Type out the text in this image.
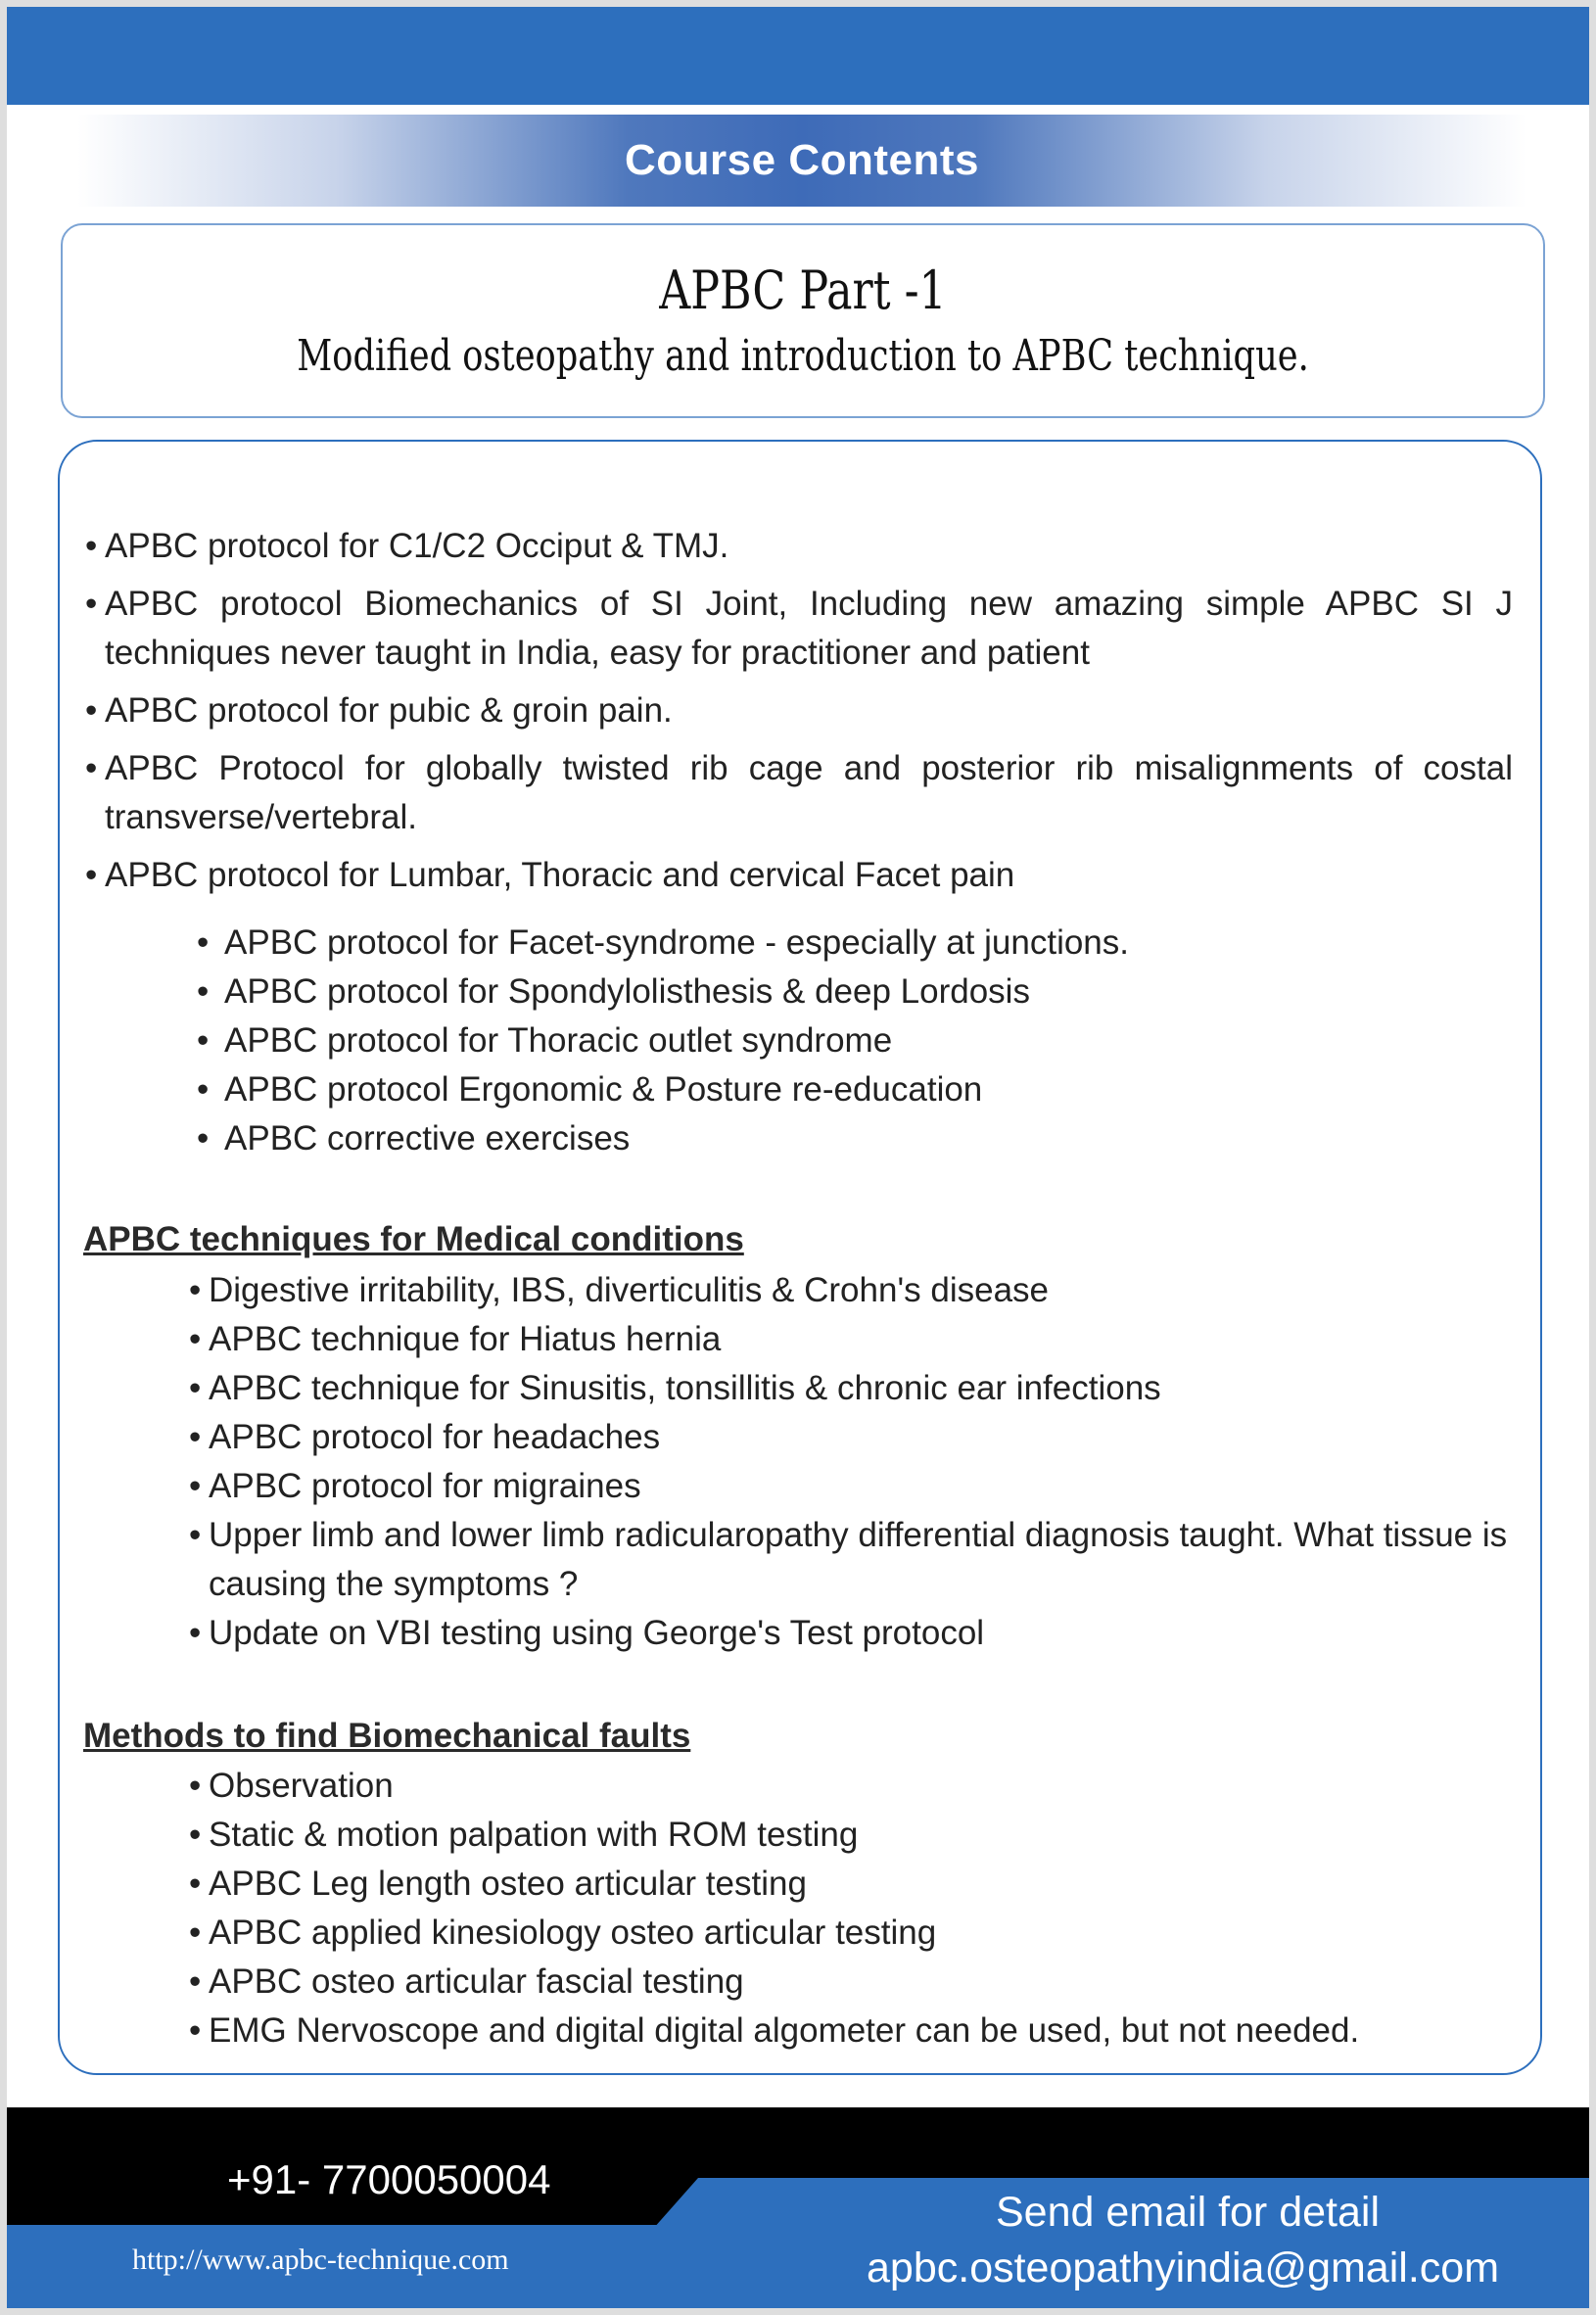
Course Contents
APBC Part -1
Modified osteopathy and introduction to APBC technique.
• APBC protocol for C1/C2 Occiput & TMJ.
• APBC protocol Biomechanics of SI Joint, Including new amazing simple APBC SI J techniques never taught in India, easy for practitioner and patient
• APBC protocol for pubic & groin pain.
• APBC Protocol for globally twisted rib cage and posterior rib misalignments of costal transverse/vertebral.
• APBC protocol for Lumbar, Thoracic and cervical Facet pain
• APBC protocol for Facet-syndrome - especially at junctions.
• APBC protocol for Spondylolisthesis & deep Lordosis
• APBC protocol for Thoracic outlet syndrome
• APBC protocol Ergonomic & Posture re-education
• APBC corrective exercises
APBC techniques for Medical conditions
• Digestive irritability, IBS, diverticulitis & Crohn's disease
• APBC technique for Hiatus hernia
• APBC technique for Sinusitis, tonsillitis & chronic ear infections
• APBC protocol for headaches
• APBC protocol for migraines
• Upper limb and lower limb radicularopathy differential diagnosis taught. What tissue is causing the symptoms ?
• Update on VBI testing using George's Test protocol
Methods to find Biomechanical faults
• Observation
• Static & motion palpation with ROM testing
• APBC Leg length osteo articular testing
• APBC applied kinesiology osteo articular testing
• APBC osteo articular fascial testing
• EMG Nervoscope and digital digital algometer can be used, but not needed.
+91- 7700050004
http://www.apbc-technique.com
Send email for detail
apbc.osteopathyindia@gmail.com
